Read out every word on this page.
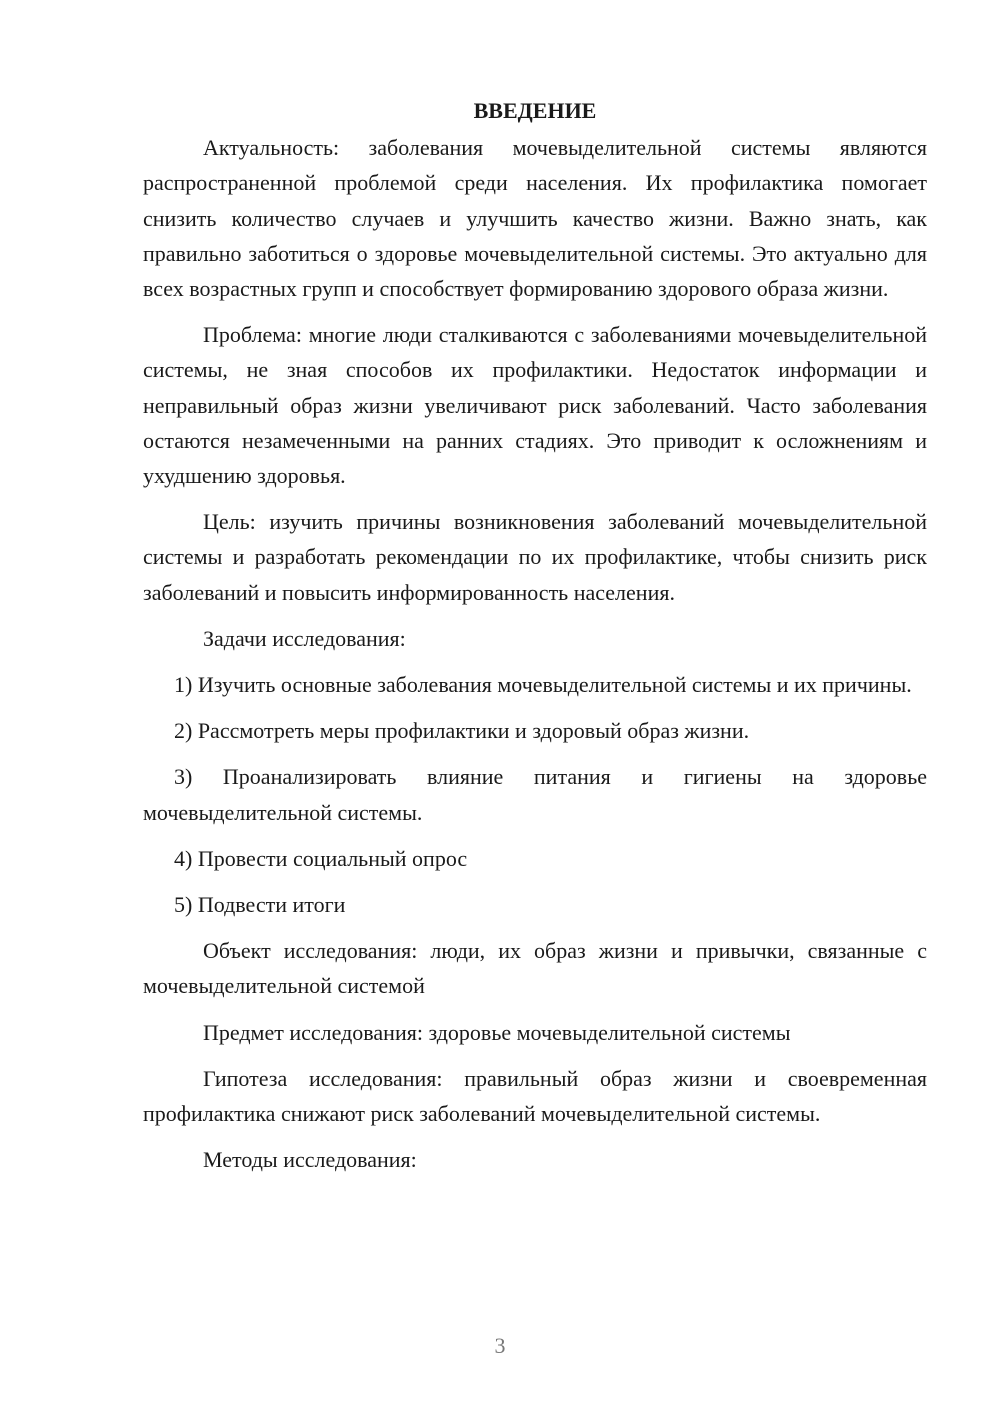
ВВЕДЕНИЕ

Актуальность: заболевания мочевыделительной системы являются распространенной проблемой среди населения. Их профилактика помогает снизить количество случаев и улучшить качество жизни. Важно знать, как правильно заботиться о здоровье мочевыделительной системы. Это актуально для всех возрастных групп и способствует формированию здорового образа жизни.

Проблема: многие люди сталкиваются с заболеваниями мочевыделительной системы, не зная способов их профилактики. Недостаток информации и неправильный образ жизни увеличивают риск заболеваний. Часто заболевания остаются незамеченными на ранних стадиях. Это приводит к осложнениям и ухудшению здоровья.

Цель: изучить причины возникновения заболеваний мочевыделительной системы и разработать рекомендации по их профилактике, чтобы снизить риск заболеваний и повысить информированность населения.

Задачи исследования:

1) Изучить основные заболевания мочевыделительной системы и их причины.

2) Рассмотреть меры профилактики и здоровый образ жизни.

3) Проанализировать влияние питания и гигиены на здоровье мочевыделительной системы.

4) Провести социальный опрос

5) Подвести итоги

Объект исследования: люди, их образ жизни и привычки, связанные с мочевыделительной системой

Предмет исследования: здоровье мочевыделительной системы

Гипотеза исследования: правильный образ жизни и своевременная профилактика снижают риск заболеваний мочевыделительной системы.

Методы исследования:

3
